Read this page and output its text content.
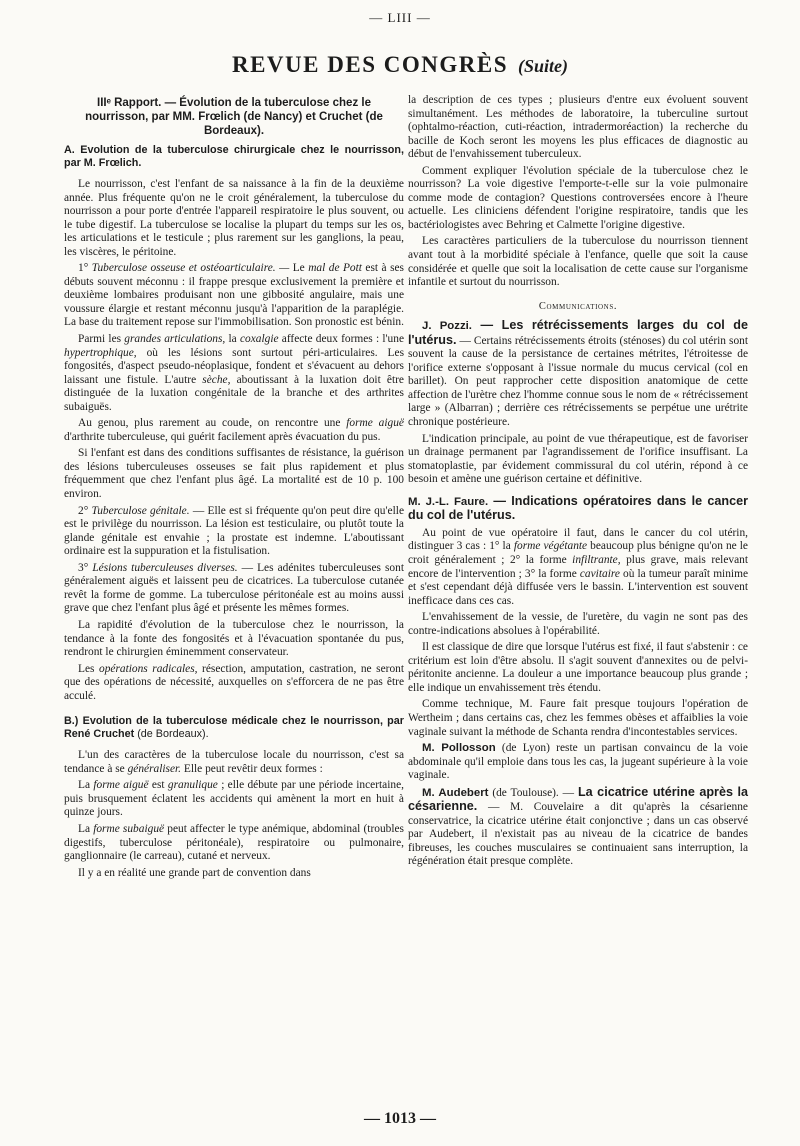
— LIII —
REVUE DES CONGRÈS (Suite)

IIIᵉ Rapport. — Évolution de la tuberculose chez le nourrisson, par MM. Frœlich (de Nancy) et Cruchet (de Bordeaux).

A. Evolution de la tuberculose chirurgicale chez le nourrisson, par M. Frœlich.

Le nourrisson, c'est l'enfant de sa naissance à la fin de la deuxième année. Plus fréquente qu'on ne le croit généralement, la tuberculose du nourrisson a pour porte d'entrée l'appareil respiratoire le plus souvent, ou le tube digestif. La tuberculose se localise la plupart du temps sur les os, les articulations et le testicule ; plus rarement sur les ganglions, la peau, les viscères, le péritoine.

1° Tuberculose osseuse et ostéoarticulaire. — Le mal de Pott est à ses débuts souvent méconnu : il frappe presque exclusivement la première et deuxième lombaires produisant non une gibbosité angulaire, mais une voussure élargie et restant méconnu jusqu'à l'apparition de la paraplégie. La base du traitement repose sur l'immobilisation. Son pronostic est bénin.

Parmi les grandes articulations, la coxalgie affecte deux formes : l'une hypertrophique, où les lésions sont surtout péri-articulaires. Les fongosités, d'aspect pseudo-néoplasique, fondent et s'évacuent au dehors laissant une fistule. L'autre sèche, aboutissant à la luxation doit être distinguée de la luxation congénitale de la branche et des arthrites subaiguës.

Au genou, plus rarement au coude, on rencontre une forme aiguë d'arthrite tuberculeuse, qui guérit facilement après évacuation du pus.

Si l'enfant est dans des conditions suffisantes de résistance, la guérison des lésions tuberculeuses osseuses se fait plus rapidement et plus fréquemment que chez l'enfant plus âgé. La mortalité est de 10 p. 100 environ.

2° Tuberculose génitale. — Elle est si fréquente qu'on peut dire qu'elle est le privilège du nourrisson. La lésion est testiculaire, ou plutôt toute la glande génitale est envahie ; la prostate est indemne. L'aboutissant ordinaire est la suppuration et la fistulisation.

3° Lésions tuberculeuses diverses. — Les adénites tuberculeuses sont généralement aiguës et laissent peu de cicatrices. La tuberculose cutanée revêt la forme de gomme. La tuberculose péritonéale est au moins aussi grave que chez l'enfant plus âgé et présente les mêmes formes.

La rapidité d'évolution de la tuberculose chez le nourrisson, la tendance à la fonte des fongosités et à l'évacuation spontanée du pus, rendront le chirurgien éminemment conservateur.

Les opérations radicales, résection, amputation, castration, ne seront que des opérations de nécessité, auxquelles on s'efforcera de ne pas être acculé.

B.) Evolution de la tuberculose médicale chez le nourrisson, par René Cruchet (de Bordeaux).

L'un des caractères de la tuberculose locale du nourrisson, c'est sa tendance à se généraliser. Elle peut revêtir deux formes :

La forme aiguë est granulique ; elle débute par une période incertaine, puis brusquement éclatent les accidents qui amènent la mort en huit à quinze jours.

La forme subaiguë peut affecter le type anémique, abdominal (troubles digestifs, tuberculose péritonéale), respiratoire ou pulmonaire, ganglionnaire (le carreau), cutané et nerveux.

Il y a en réalité une grande part de convention dans

la description de ces types ; plusieurs d'entre eux évoluent souvent simultanément. Les méthodes de laboratoire, la tuberculine surtout (ophtalmo-réaction, cuti-réaction, intradermoréaction) la recherche du bacille de Koch seront les moyens les plus efficaces de diagnostic au début de l'envahissement tuberculeux.

Comment expliquer l'évolution spéciale de la tuberculose chez le nourrisson? La voie digestive l'emporte-t-elle sur la voie pulmonaire comme mode de contagion? Questions controversées encore à l'heure actuelle. Les cliniciens défendent l'origine respiratoire, tandis que les bactériologistes avec Behring et Calmette l'origine digestive.

Les caractères particuliers de la tuberculose du nourrisson tiennent avant tout à la morbidité spéciale à l'enfance, quelle que soit la cause considérée et quelle que soit la localisation de cette cause sur l'organisme infantile et surtout du nourrisson.

Communications.

J. Pozzi. — Les rétrécissements larges du col de l'utérus. — Certains rétrécissements étroits (sténoses) du col utérin sont souvent la cause de la persistance de certaines métrites, l'étroitesse de l'orifice externe s'opposant à l'issue normale du mucus cervical (col en barillet). On peut rapprocher cette disposition anatomique de cette affection de l'urètre chez l'homme connue sous le nom de « rétrécissement large » (Albarran) ; derrière ces rétrécissements se perpétue une urétrite chronique postérieure.

L'indication principale, au point de vue thérapeutique, est de favoriser un drainage permanent par l'agrandissement de l'orifice insuffisant. La stomatoplastie, par évidement commissural du col utérin, répond à ce besoin et amène une guérison certaine et définitive.

M. J.-L. Faure. — Indications opératoires dans le cancer du col de l'utérus.

Au point de vue opératoire il faut, dans le cancer du col utérin, distinguer 3 cas : 1° la forme végétante beaucoup plus bénigne qu'on ne le croit généralement ; 2° la forme infiltrante, plus grave, mais relevant encore de l'intervention ; 3° la forme cavitaire où la tumeur paraît minime et s'est cependant déjà diffusée vers le bassin. L'intervention est souvent inefficace dans ces cas.

L'envahissement de la vessie, de l'uretère, du vagin ne sont pas des contre-indications absolues à l'opérabilité.

Il est classique de dire que lorsque l'utérus est fixé, il faut s'abstenir : ce critérium est loin d'être absolu. Il s'agit souvent d'annexites ou de pelvi-péritonite ancienne. La douleur a une importance beaucoup plus grande ; elle indique un envahissement très étendu.

Comme technique, M. Faure fait presque toujours l'opération de Wertheim ; dans certains cas, chez les femmes obèses et affaiblies la voie vaginale suivant la méthode de Schanta rendra d'incontestables services.

M. Pollosson (de Lyon) reste un partisan convaincu de la voie abdominale qu'il emploie dans tous les cas, la jugeant supérieure à la voie vaginale.

M. Audebert (de Toulouse). — La cicatrice utérine après la césarienne. — M. Couvelaire a dit qu'après la césarienne conservatrice, la cicatrice utérine était conjonctive ; dans un cas observé par Audebert, il n'existait pas au niveau de la cicatrice de bandes fibreuses, les couches musculaires se continuaient sans interruption, la régénération était presque complète.

— 1013 —
